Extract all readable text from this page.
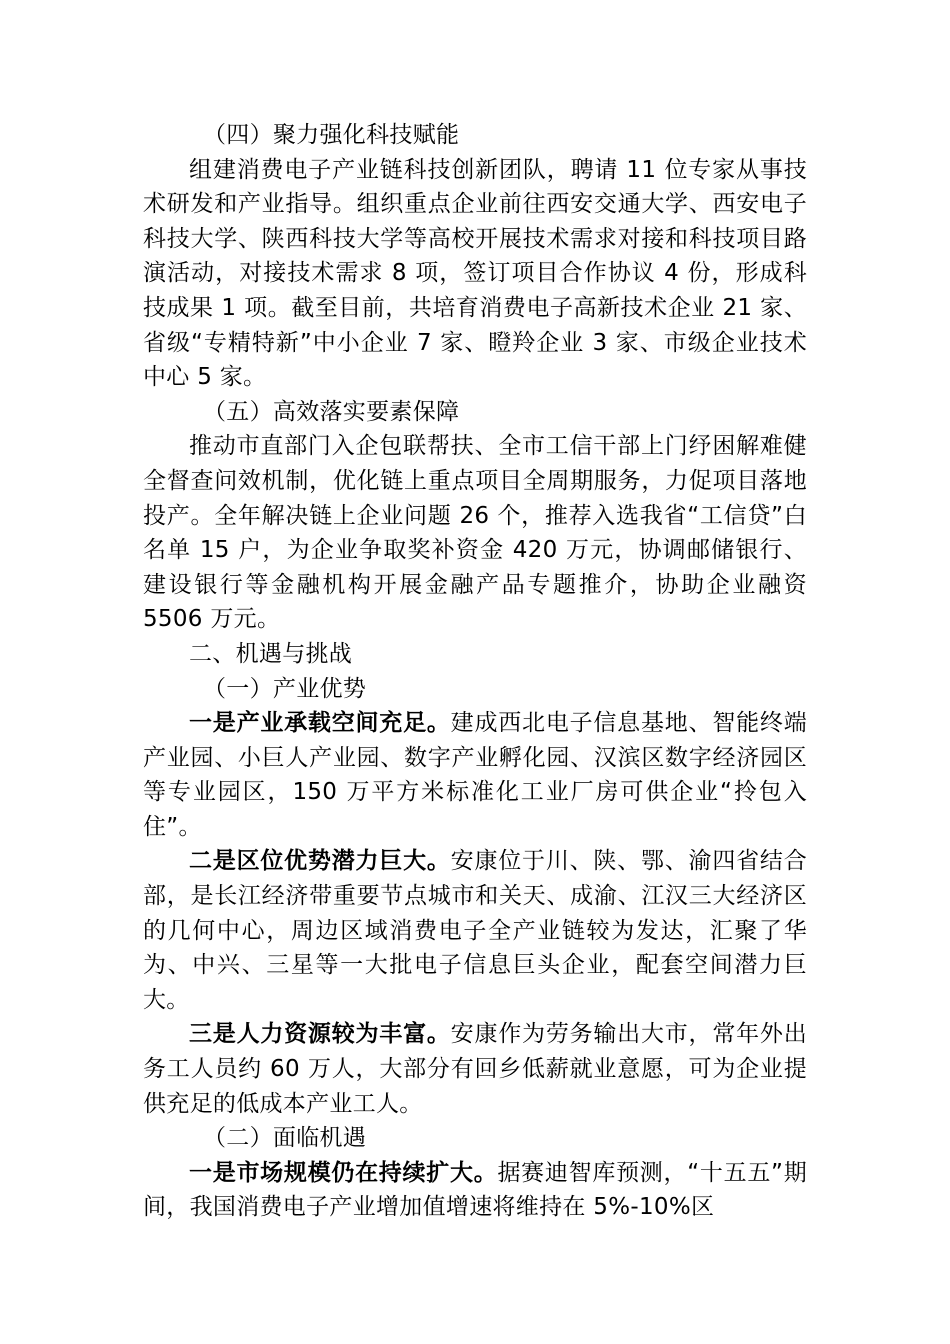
（四）聚力强化科技赋能

组建消费电子产业链科技创新团队，聘请 11 位专家从事技术研发和产业指导。组织重点企业前往西安交通大学、西安电子科技大学、陕西科技大学等高校开展技术需求对接和科技项目路演活动，对接技术需求 8 项，签订项目合作协议 4 份，形成科技成果 1 项。截至目前，共培育消费电子高新技术企业 21 家、省级“专精特新”中小企业 7 家、瞪羚企业 3 家、市级企业技术中心 5 家。

（五）高效落实要素保障

推动市直部门入企包联帮扶、全市工信干部上门纾困解难健全督查问效机制，优化链上重点项目全周期服务，力促项目落地投产。全年解决链上企业问题 26 个，推荐入选我省“工信贷”白名单 15 户，为企业争取奖补资金 420 万元，协调邮储银行、建设银行等金融机构开展金融产品专题推介，协助企业融资 5506 万元。

二、机遇与挑战

（一）产业优势

一是产业承载空间充足。建成西北电子信息基地、智能终端产业园、小巨人产业园、数字产业孵化园、汉滨区数字经济园区等专业园区，150 万平方米标准化工业厂房可供企业“拎包入住”。

二是区位优势潜力巨大。安康位于川、陕、鄂、渝四省结合部，是长江经济带重要节点城市和关天、成渝、江汉三大经济区的几何中心，周边区域消费电子全产业链较为发达，汇聚了华为、中兴、三星等一大批电子信息巨头企业，配套空间潜力巨大。

三是人力资源较为丰富。安康作为劳务输出大市，常年外出务工人员约 60 万人，大部分有回乡低薪就业意愿，可为企业提供充足的低成本产业工人。

（二）面临机遇

一是市场规模仍在持续扩大。据赛迪智库预测，“十五五”期间，我国消费电子产业增加值增速将维持在 5%-10%区
